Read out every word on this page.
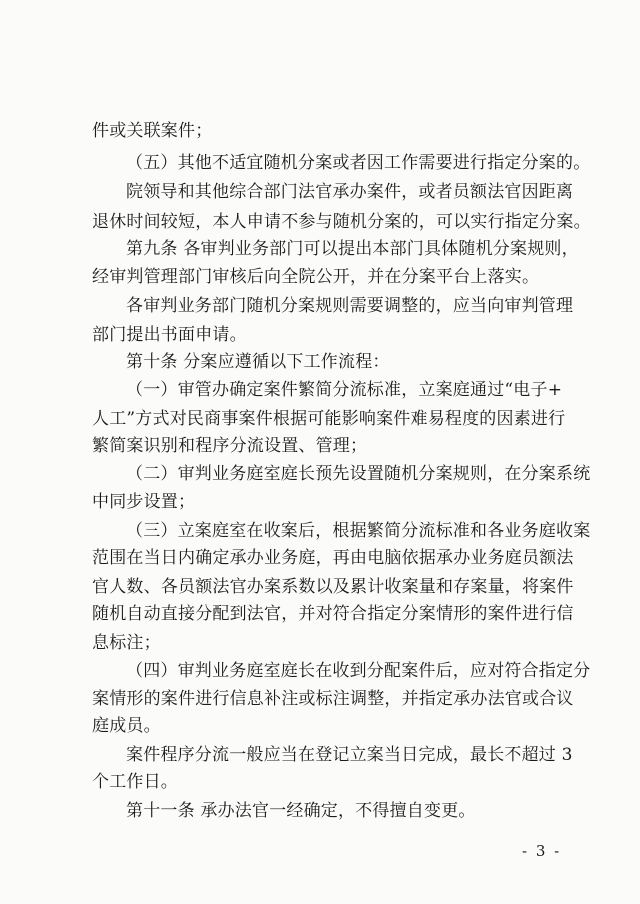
件或关联案件；
（五）其他不适宜随机分案或者因工作需要进行指定分案的。
院领导和其他综合部门法官承办案件，或者员额法官因距离
退休时间较短，本人申请不参与随机分案的，可以实行指定分案。
第九条 各审判业务部门可以提出本部门具体随机分案规则，
经审判管理部门审核后向全院公开，并在分案平台上落实。
各审判业务部门随机分案规则需要调整的，应当向审判管理
部门提出书面申请。
第十条 分案应遵循以下工作流程：
（一）审管办确定案件繁简分流标准，立案庭通过“电子+
人工”方式对民商事案件根据可能影响案件难易程度的因素进行
繁简案识别和程序分流设置、管理；
（二）审判业务庭室庭长预先设置随机分案规则，在分案系统
中同步设置；
（三）立案庭室在收案后，根据繁简分流标准和各业务庭收案
范围在当日内确定承办业务庭，再由电脑依据承办业务庭员额法
官人数、各员额法官办案系数以及累计收案量和存案量，将案件
随机自动直接分配到法官，并对符合指定分案情形的案件进行信
息标注；
（四）审判业务庭室庭长在收到分配案件后，应对符合指定分
案情形的案件进行信息补注或标注调整，并指定承办法官或合议
庭成员。
案件程序分流一般应当在登记立案当日完成，最长不超过 3
个工作日。
第十一条 承办法官一经确定，不得擅自变更。
- 3 -
